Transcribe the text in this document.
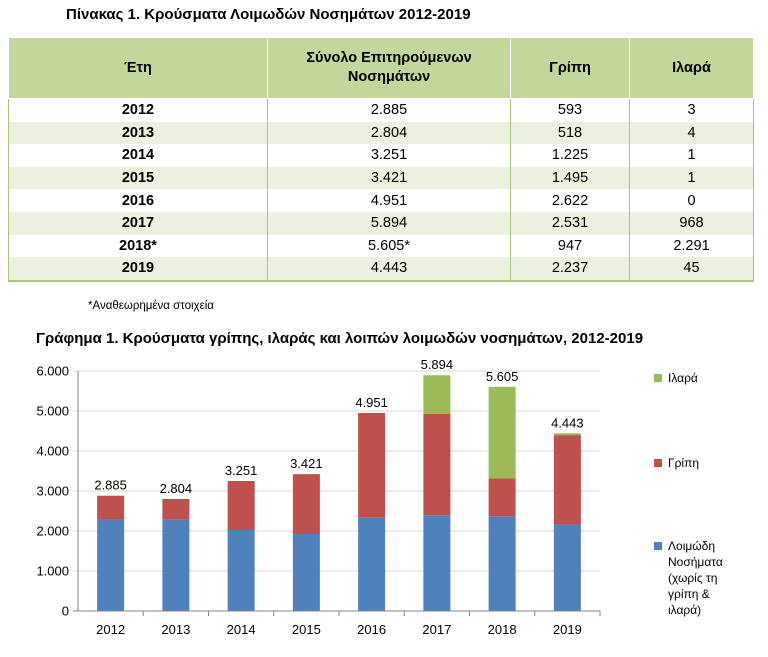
Πίνακας 1. Κρούσματα Λοιμωδών Νοσημάτων 2012-2019
Έτη	Σύνολο Επιτηρούμενων Νοσημάτων	Γρίπη	Ιλαρά
2012	2.885	593	3
2013	2.804	518	4
2014	3.251	1.225	1
2015	3.421	1.495	1
2016	4.951	2.622	0
2017	5.894	2.531	968
2018*	5.605*	947	2.291
2019	4.443	2.237	45
*Αναθεωρημένα στοιχεία
Γράφημα 1. Κρούσματα γρίπης, ιλαράς και λοιπών λοιμωδών νοσημάτων, 2012-2019
0
1.000
2.000
3.000
4.000
5.000
6.000
2.885	2.804
3.251	3.421
4.951
5.894
5.605
4.443
2012	2013	2014	2015	2016	2017	2018	2019
Ιλαρά
Γρίπη
Λοιμώδη
Νοσήματα
(χωρίς τη
γρίπη &
ιλαρά)
